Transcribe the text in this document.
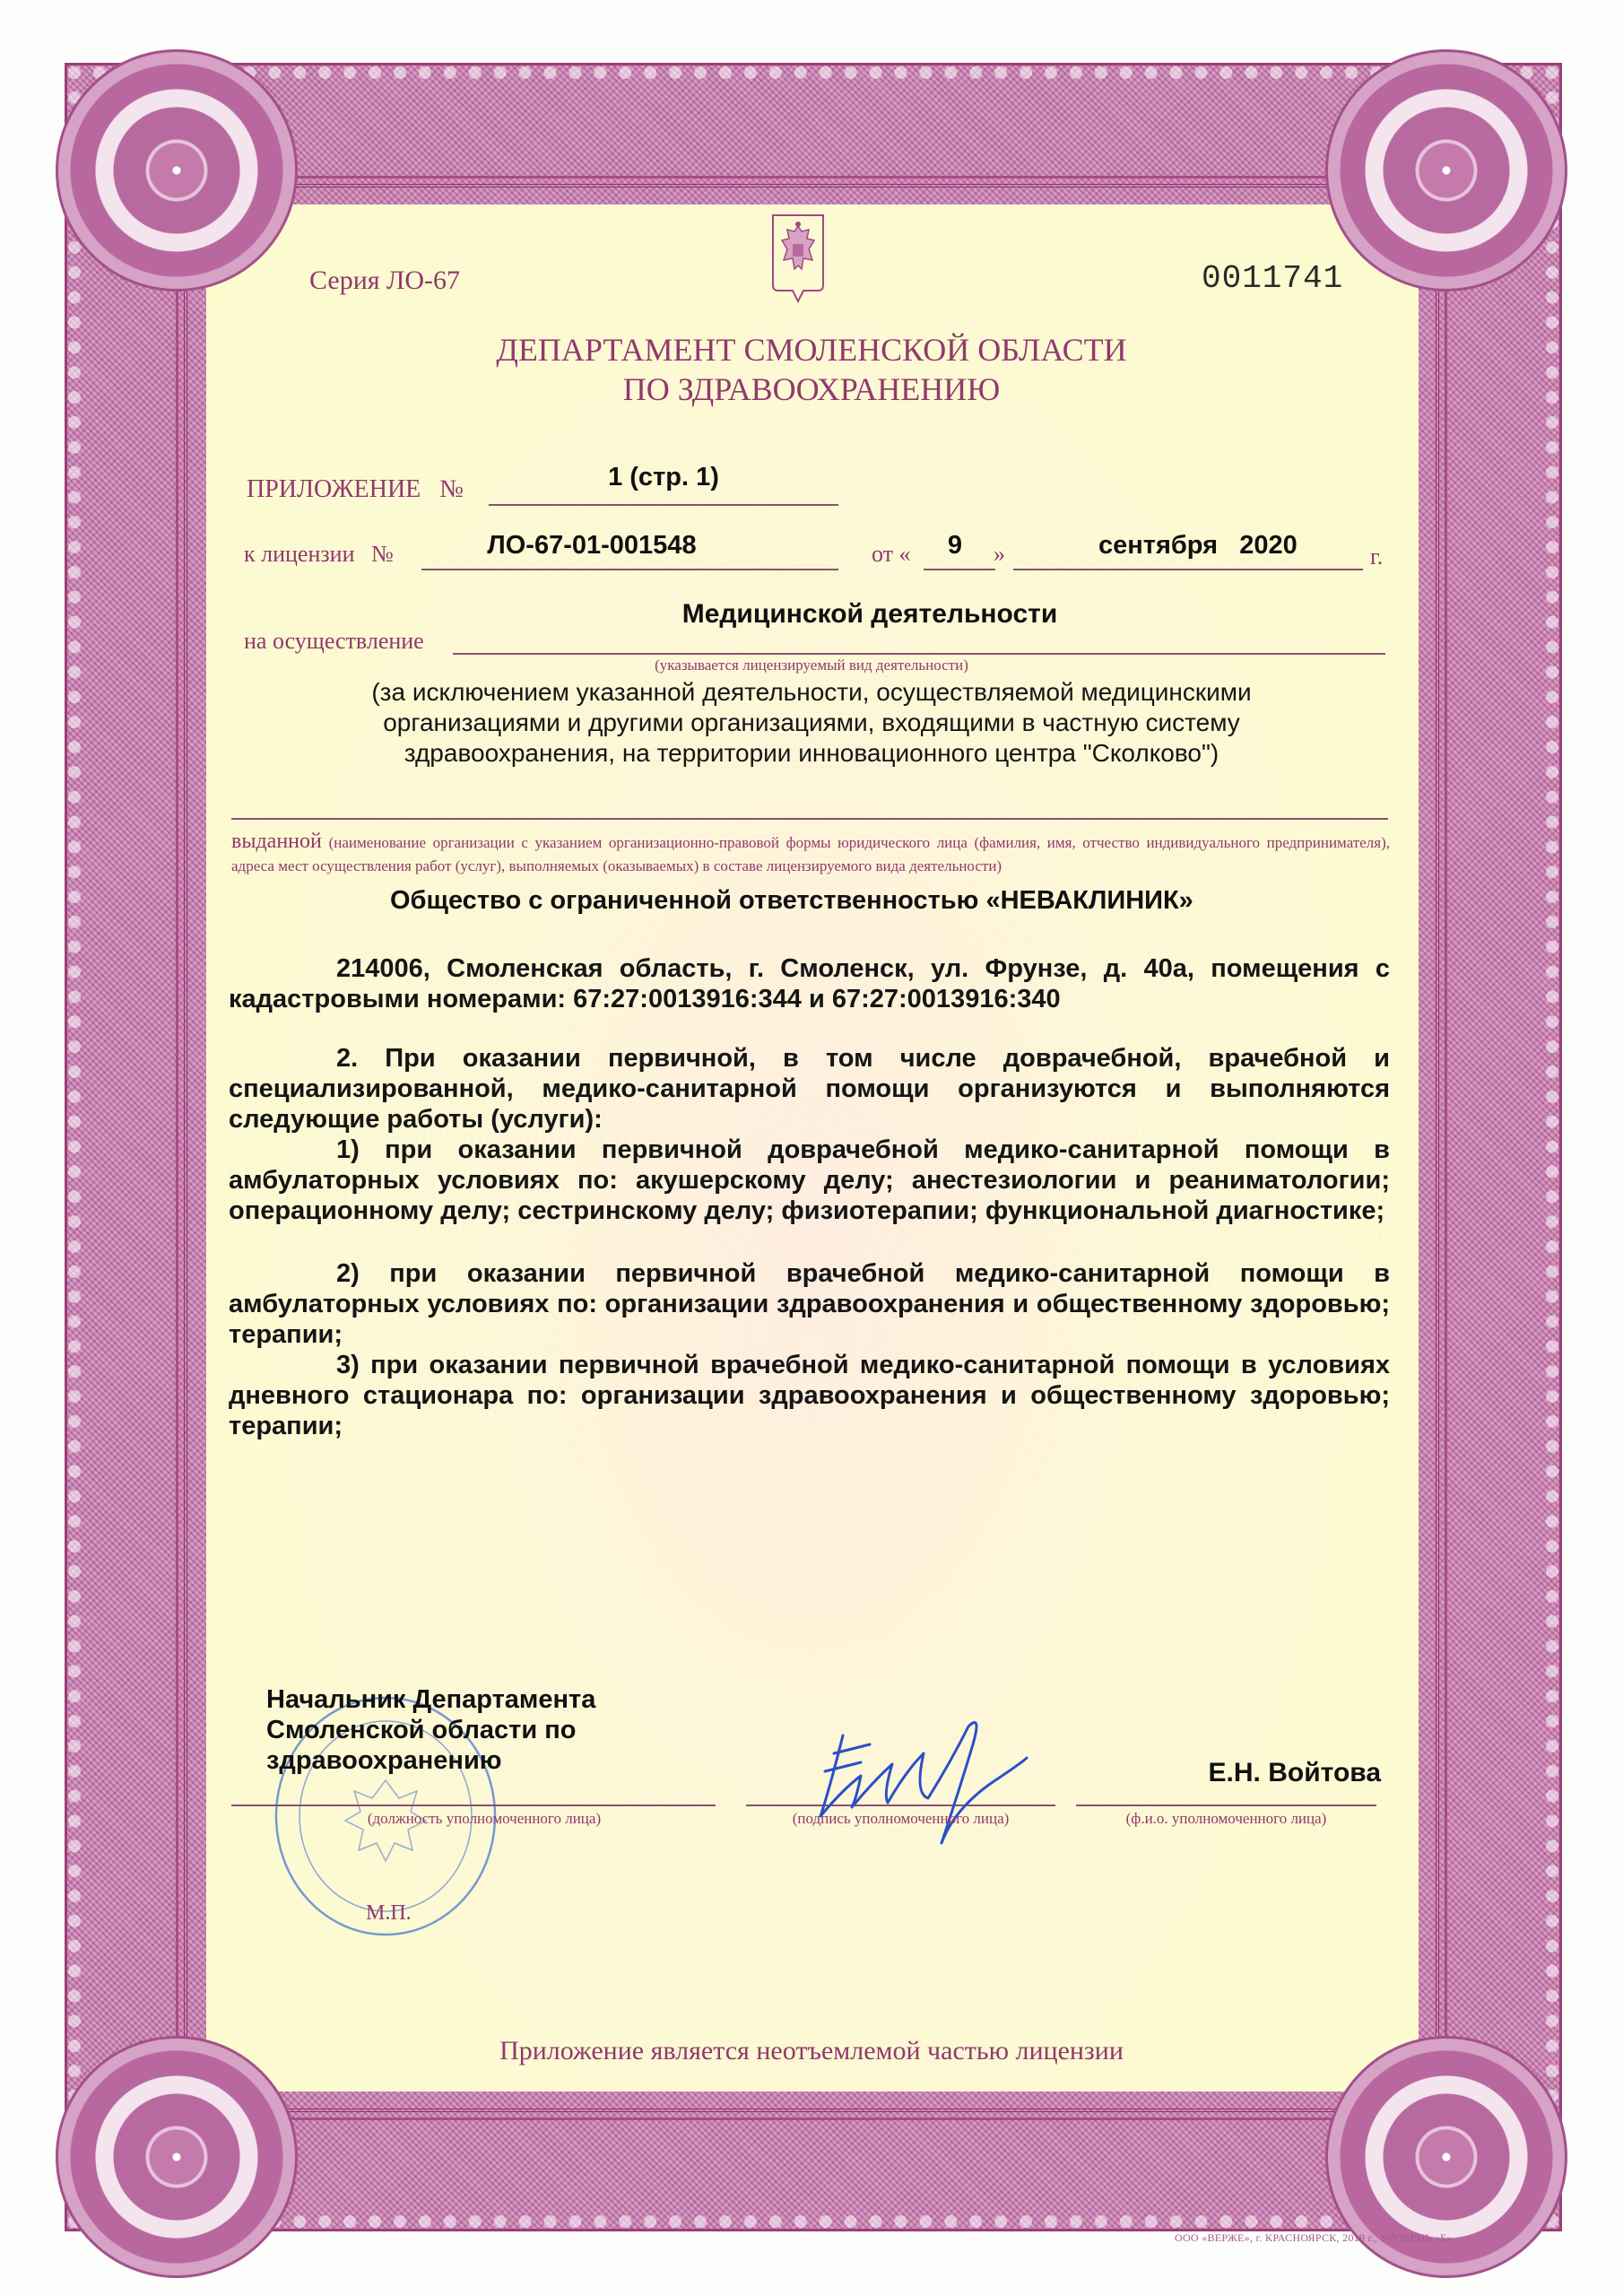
Серия ЛО-67	0011741
ДЕПАРТАМЕНТ СМОЛЕНСКОЙ ОБЛАСТИ
ПО ЗДРАВООХРАНЕНИЮ
ПРИЛОЖЕНИЕ №	1 (стр. 1)
к лицензии №	ЛО-67-01-001548	от «	9	»	сентября   2020	г.
Медицинской деятельности
на осуществление
(указывается лицензируемый вид деятельности)
(за исключением указанной деятельности, осуществляемой медицинскими организациями и другими организациями, входящими в частную систему здравоохранения, на территории инновационного центра "Сколково")
выданной (наименование организации с указанием организационно-правовой формы юридического лица (фамилия, имя, отчество индивидуального предпринимателя), адреса мест осуществления работ (услуг), выполняемых (оказываемых) в составе лицензируемого вида деятельности)
Общество с ограниченной ответственностью «НЕВАКЛИНИК»
214006, Смоленская область, г. Смоленск, ул. Фрунзе, д. 40а, помещения с кадастровыми номерами: 67:27:0013916:344 и 67:27:0013916:340
2. При оказании первичной, в том числе доврачебной, врачебной и специализированной, медико-санитарной помощи организуются и выполняются следующие работы (услуги):
1) при оказании первичной доврачебной медико-санитарной помощи в амбулаторных условиях по: акушерскому делу; анестезиологии и реаниматологии; операционному делу; сестринскому делу; физиотерапии; функциональной диагностике;
2) при оказании первичной врачебной медико-санитарной помощи в амбулаторных условиях по: организации здравоохранения и общественному здоровью; терапии;
3) при оказании первичной врачебной медико-санитарной помощи в условиях дневного стационара по: организации здравоохранения и общественному здоровью; терапии;
Начальник Департамента
Смоленской области по
здравоохранению	Е.Н. Войтова
(должность уполномоченного лица)	(подпись уполномоченного лица)	(ф.и.о. уполномоченного лица)
М.П.
Приложение является неотъемлемой частью лицензии
ООО «ВЕРЖЕ», г. КРАСНОЯРСК, 2019 г., УРОВЕНЬ «Б»
